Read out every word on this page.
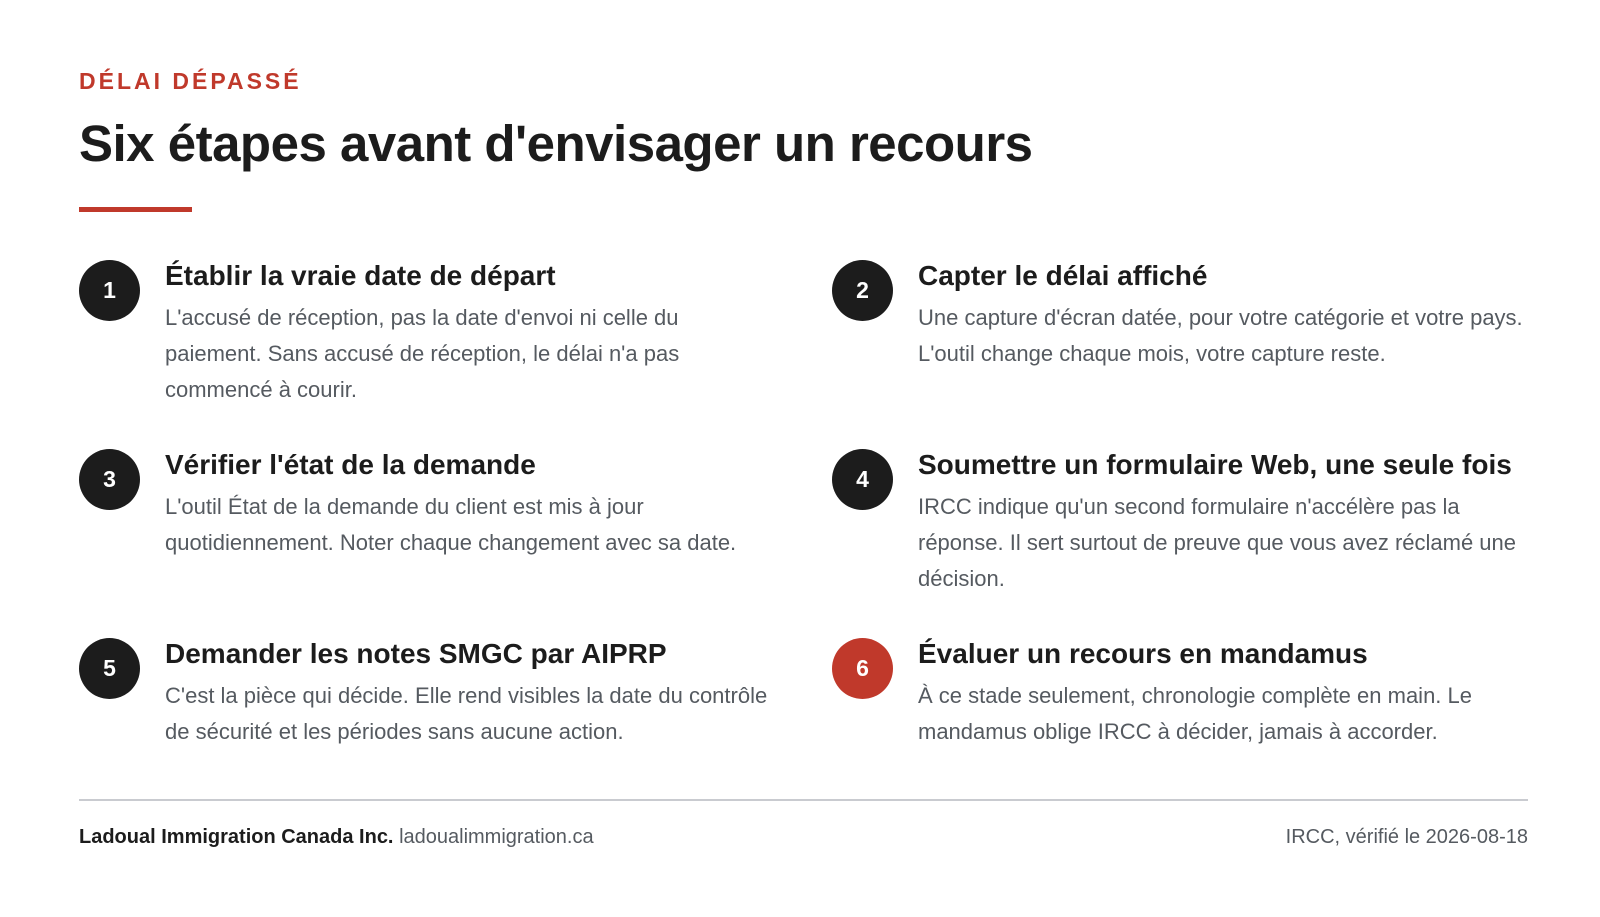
DÉLAI DÉPASSÉ
Six étapes avant d'envisager un recours
1	Établir la vraie date de départ

L'accusé de réception, pas la date d'envoi ni celle du paiement. Sans accusé de réception, le délai n'a pas commencé à courir.

2	Capter le délai affiché

Une capture d'écran datée, pour votre catégorie et votre pays. L'outil change chaque mois, votre capture reste.

3	Vérifier l'état de la demande

L'outil État de la demande du client est mis à jour quotidiennement. Noter chaque changement avec sa date.

4	Soumettre un formulaire Web, une seule fois

IRCC indique qu'un second formulaire n'accélère pas la réponse. Il sert surtout de preuve que vous avez réclamé une décision.

5	Demander les notes SMGC par AIPRP

C'est la pièce qui décide. Elle rend visibles la date du contrôle de sécurité et les périodes sans aucune action.

6	Évaluer un recours en mandamus

À ce stade seulement, chronologie complète en main. Le mandamus oblige IRCC à décider, jamais à accorder.

Ladoual Immigration Canada Inc. ladoualimmigration.ca	IRCC, vérifié le 2026-08-18
